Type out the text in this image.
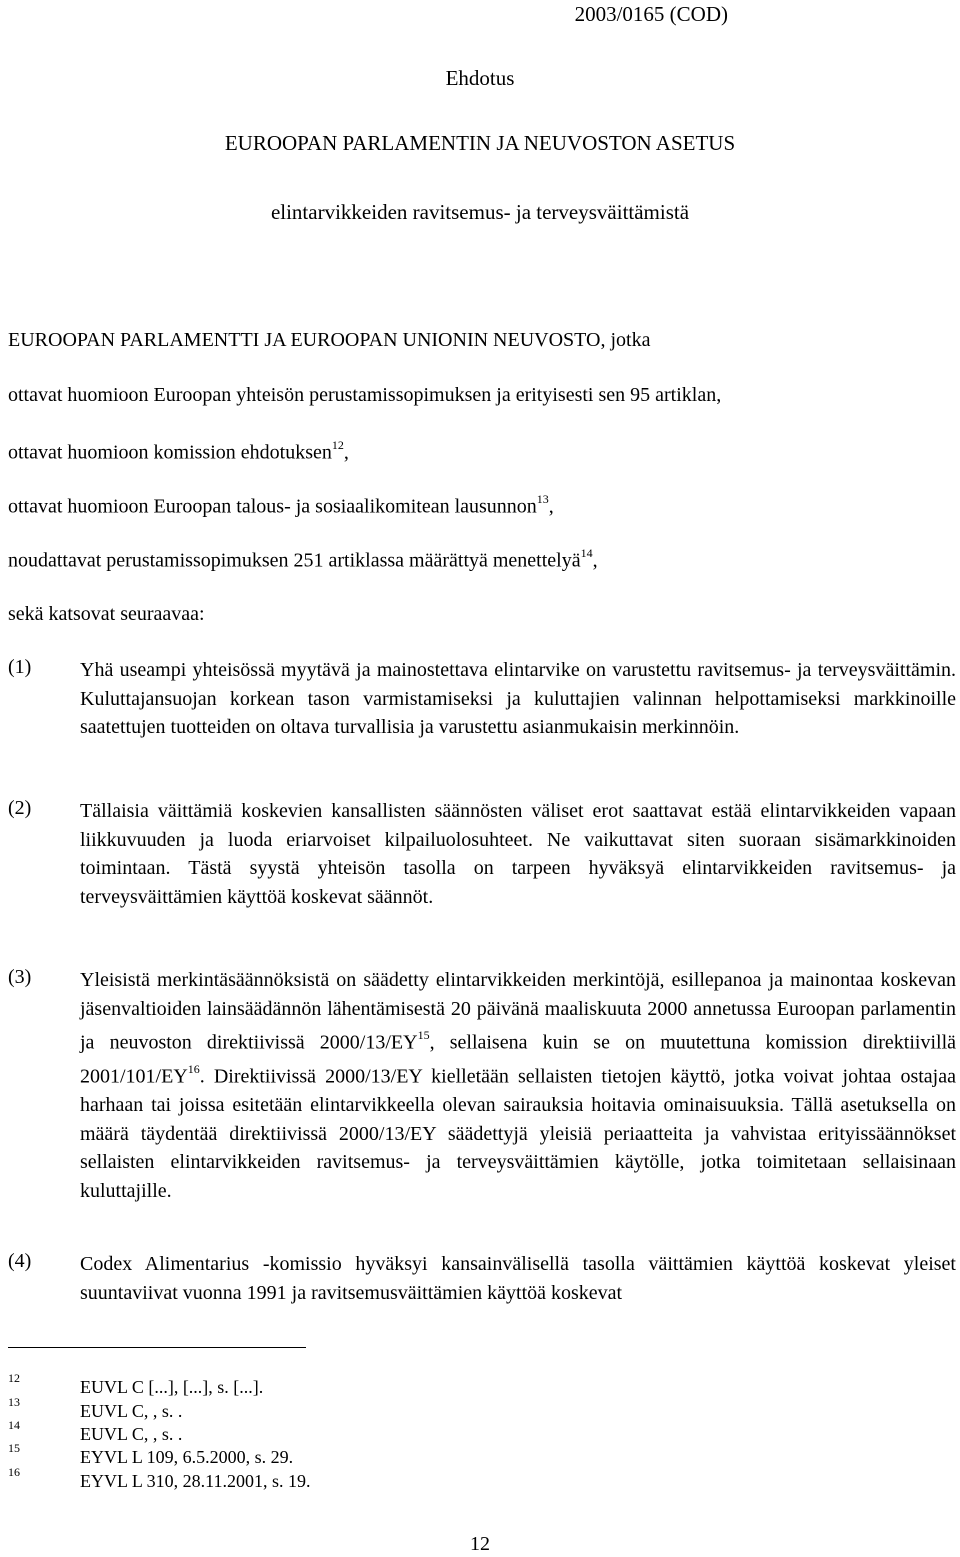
2003/0165 (COD)
Ehdotus
EUROOPAN PARLAMENTIN JA NEUVOSTON ASETUS
elintarvikkeiden ravitsemus- ja terveysväittämistä
EUROOPAN PARLAMENTTI JA EUROOPAN UNIONIN NEUVOSTO, jotka
ottavat huomioon Euroopan yhteisön perustamissopimuksen ja erityisesti sen 95 artiklan,
ottavat huomioon komission ehdotuksen$^{12}$,
ottavat huomioon Euroopan talous- ja sosiaalikomitean lausunnon$^{13}$,
noudattavat perustamissopimuksen 251 artiklassa määrättyä menettelyä$^{14}$,
sekä katsovat seuraavaa:
(1) Yhä useampi yhteisössä myytävä ja mainostettava elintarvike on varustettu ravitsemus- ja terveysväittämin. Kuluttajansuojan korkean tason varmistamiseksi ja kuluttajien valinnan helpottamiseksi markkinoille saatettujen tuotteiden on oltava turvallisia ja varustettu asianmukaisin merkinnöin.
(2) Tällaisia väittämiä koskevien kansallisten säännösten väliset erot saattavat estää elintarvikkeiden vapaan liikkuvuuden ja luoda eriarvoiset kilpailuolosuhteet. Ne vaikuttavat siten suoraan sisämarkkinoiden toimintaan. Tästä syystä yhteisön tasolla on tarpeen hyväksyä elintarvikkeiden ravitsemus- ja terveysväittämien käyttöä koskevat säännöt.
(3) Yleisistä merkintäsäännöksistä on säädetty elintarvikkeiden merkintöjä, esillepanoa ja mainontaa koskevan jäsenvaltioiden lainsäädännön lähentämisestä 20 päivänä maaliskuuta 2000 annetussa Euroopan parlamentin ja neuvoston direktiivissä 2000/13/EY$^{15}$, sellaisena kuin se on muutettuna komission direktiivillä 2001/101/EY$^{16}$. Direktiivissä 2000/13/EY kielletään sellaisten tietojen käyttö, jotka voivat johtaa ostajaa harhaan tai joissa esitetään elintarvikkeella olevan sairauksia hoitavia ominaisuuksia. Tällä asetuksella on määrä täydentää direktiivissä 2000/13/EY säädettyjä yleisiä periaatteita ja vahvistaa erityissäännökset sellaisten elintarvikkeiden ravitsemus- ja terveysväittämien käytölle, jotka toimitetaan sellaisinaan kuluttajille.
(4) Codex Alimentarius -komissio hyväksyi kansainvälisellä tasolla väittämien käyttöä koskevat yleiset suuntaviivat vuonna 1991 ja ravitsemusväittämien käyttöä koskevat
12	EUVL C [...], [...], s. [...].
13	EUVL C, , s. .
14	EUVL C, , s. .
15	EYVL L 109, 6.5.2000, s. 29.
16	EYVL L 310, 28.11.2001, s. 19.
12
